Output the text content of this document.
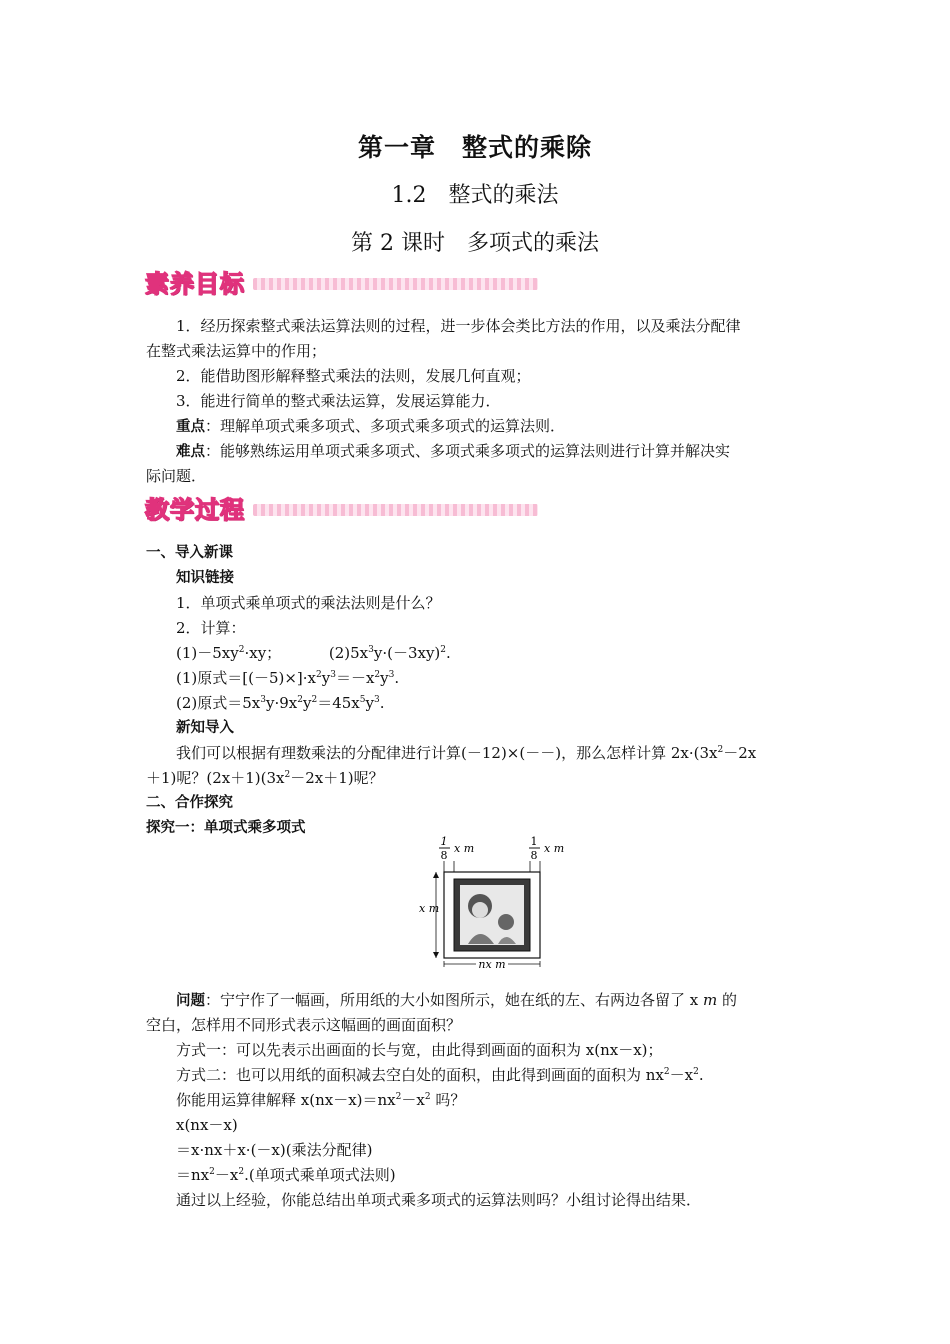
第一章　整式的乘除
1.2　整式的乘法
第 2 课时　多项式的乘法
素养目标
1．经历探索整式乘法运算法则的过程，进一步体会类比方法的作用，以及乘法分配律
在整式乘法运算中的作用；
2．能借助图形解释整式乘法的法则，发展几何直观；
3．能进行简单的整式乘法运算，发展运算能力．
重点：理解单项式乘多项式、多项式乘多项式的运算法则．
难点：能够熟练运用单项式乘多项式、多项式乘多项式的运算法则进行计算并解决实
际问题．
教学过程
一、导入新课
知识链接
1．单项式乘单项式的乘法法则是什么？
2．计算：
$(1)-5xy^2\cdot xy$；          $(2)5x^3y\cdot(-3xy)^2$.
(1)原式$=[(-5)\times]\cdot x^2y^3=-x^2y^3$.
(2)原式$=5x^3y\cdot 9x^2y^2=45x^5y^3$.
新知导入
我们可以根据有理数乘法的分配律进行计算(－12)×(－－)，那么怎样计算 $2x\cdot(3x^2-2x$
＋1)呢？$(2x+1)(3x^2-2x+1)$呢？
二、合作探究
探究一：单项式乘多项式
1
8
x m
1
8
x m
x m
nx m
问题：宁宁作了一幅画，所用纸的大小如图所示，她在纸的左、右两边各留了 x m 的
空白，怎样用不同形式表示这幅画的画面面积？
方式一：可以先表示出画面的长与宽，由此得到画面的面积为 x(nx－x)；
方式二：也可以用纸的面积减去空白处的面积，由此得到画面的面积为 $nx^2-x^2$.
你能用运算律解释 $x(nx-x)=nx^2-x^2$ 吗？
x(nx－x)
＝x·nx＋x·(－x)(乘法分配律)
$=nx^2-x^2$.(单项式乘单项式法则)
通过以上经验，你能总结出单项式乘多项式的运算法则吗？小组讨论得出结果．
